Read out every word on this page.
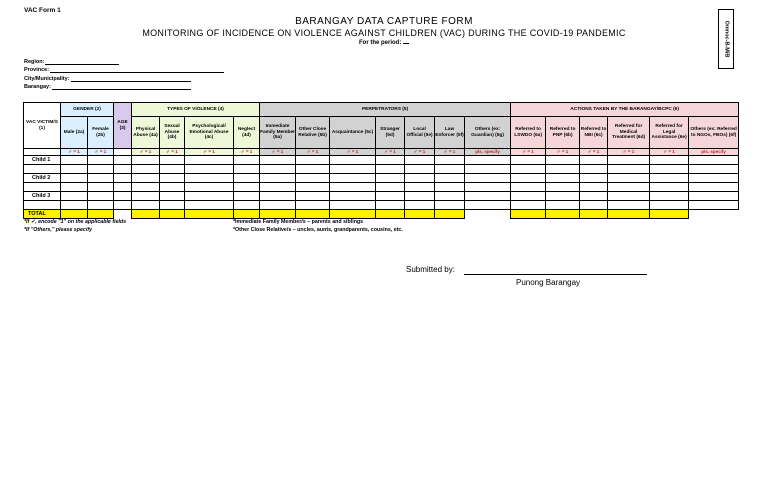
VAC Form 1
Omnoc-B-MiB
BARANGAY DATA CAPTURE FORM
MONITORING OF INCIDENCE ON VIOLENCE AGAINST CHILDREN (VAC) DURING THE COVID-19 PANDEMIC
For the period:
Region:
Province:
City/Municipality:
Barangay:
VAC VICTIM/S (1)	GENDER (2)		AGE (3)	TYPES OF VIOLENCE (4)				PERPETRATORS (5)							ACTIONS TAKEN BY THE BARANGAY/BCPC (6)					
	Male (2a)	Female (2b)		Physical Abuse (4a)	Sexual Abuse (4b)	Psychological/ Emotional Abuse (4c)	Neglect (4d)	Immediate Family Member (5a)	Other Close Relative (5b)	Acquaintance (5c)	Stranger (5d)	Local Official (5e)	Law Enforcer (5f)	Others (ex: Guardian) (5g)	Referred to LSWDO (6a)	Referred to PNP (6b)	Referred to NBI (6c)	Referred for Medical Treatment (6d)	Referred for Legal Assistance (6e)	Others (ex: Referred to NGOs, FBOs) (6f)
	✓ = 1	✓ = 1		✓ = 1	✓ = 1	✓ = 1	✓ = 1	✓ = 1	✓ = 1	✓ = 1	✓ = 1	✓ = 1	✓ = 1	pls. specify	✓ = 1	✓ = 1	✓ = 1	✓ = 1	✓ = 1	pls. specify
Child 1																				

Child 2																				

Child 3																				

TOTAL																				
*If ✓, encode "1" on the applicable fields
*If "Others," please specify
*Immediate Family Member/s – parents and siblings
*Other Close Relative/s – uncles, aunts, grandparents, cousins, etc.
Submitted by:
Punong Barangay
